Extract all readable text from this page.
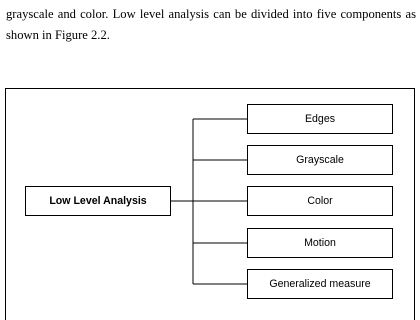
grayscale and color. Low level analysis can be divided into five components as
shown in Figure 2.2.

Low Level Analysis
Edges
Grayscale
Color
Motion
Generalized measure
